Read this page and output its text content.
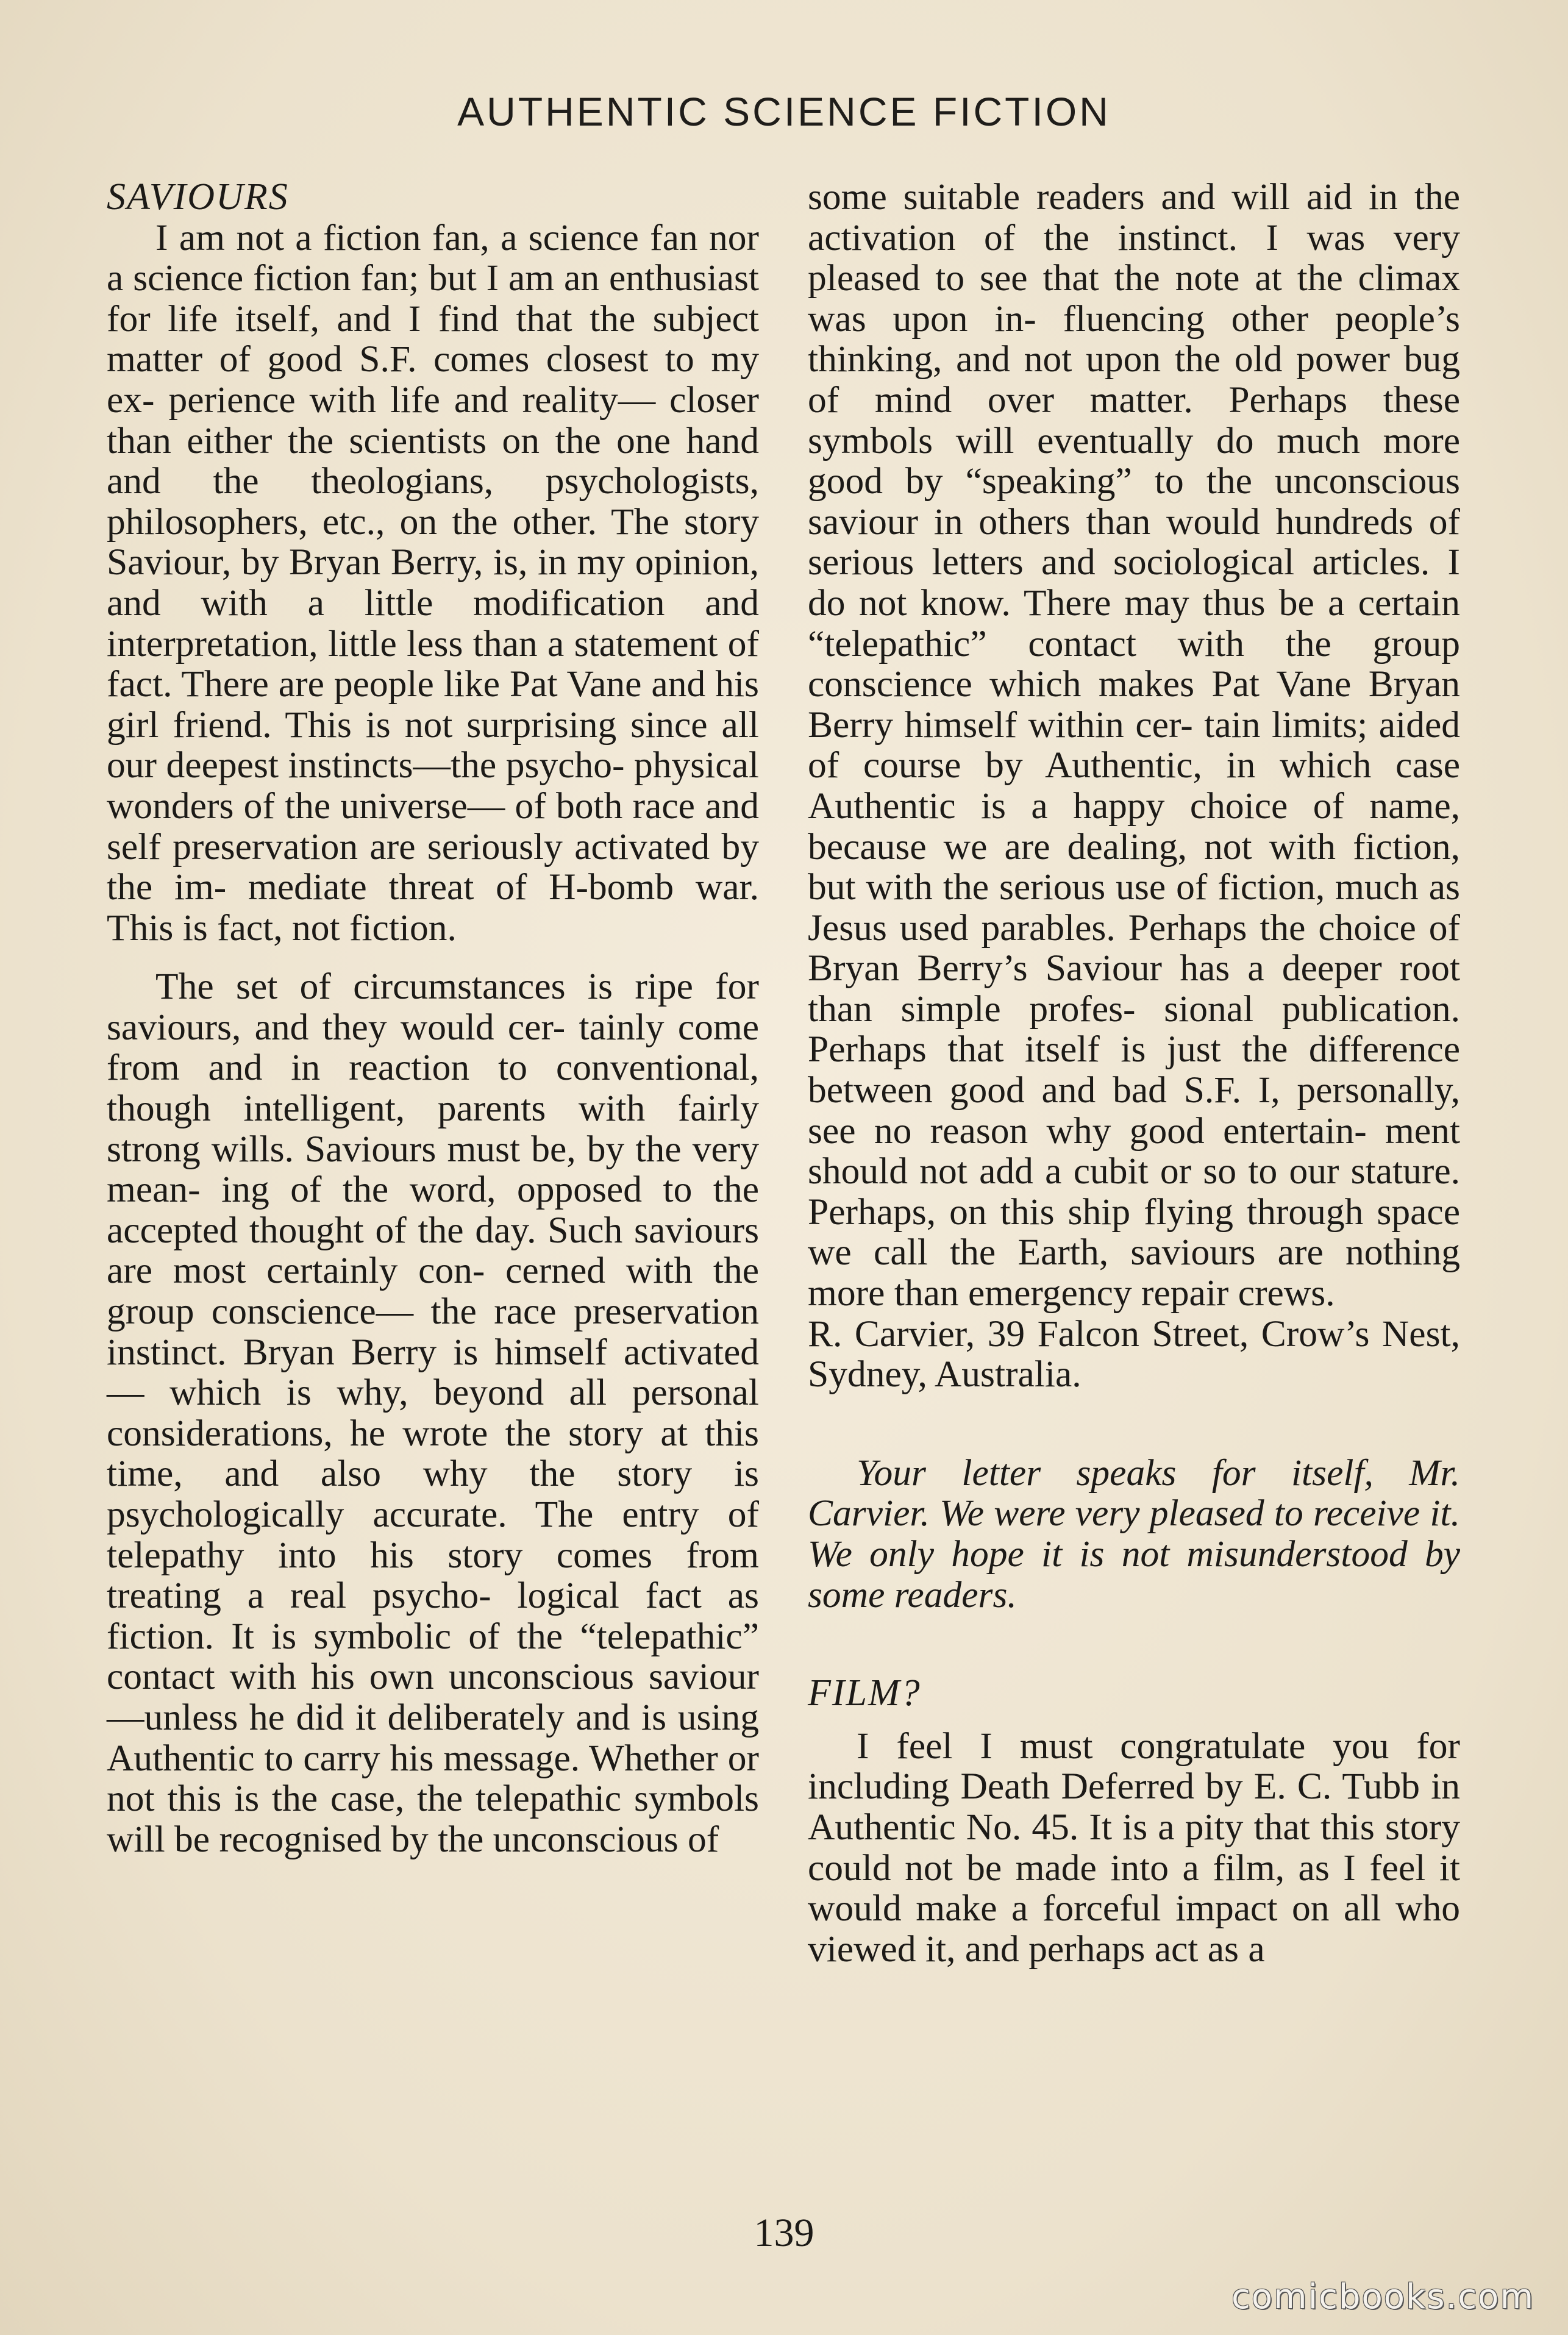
AUTHENTIC SCIENCE FICTION
SAVIOURS
I am not a fiction fan, a science fan nor a science fiction fan; but I am an enthusiast for life itself, and I find that the subject matter of good S.F. comes closest to my ex- perience with life and reality— closer than either the scientists on the one hand and the theologians, psychologists, philosophers, etc., on the other. The story Saviour, by Bryan Berry, is, in my opinion, and with a little modification and interpretation, little less than a statement of fact. There are people like Pat Vane and his girl friend. This is not surprising since all our deepest instincts—the psycho- physical wonders of the universe— of both race and self preservation are seriously activated by the im- mediate threat of H-bomb war. This is fact, not fiction.
The set of circumstances is ripe for saviours, and they would cer- tainly come from and in reaction to conventional, though intelligent, parents with fairly strong wills. Saviours must be, by the very mean- ing of the word, opposed to the accepted thought of the day. Such saviours are most certainly con- cerned with the group conscience— the race preservation instinct. Bryan Berry is himself activated— which is why, beyond all personal considerations, he wrote the story at this time, and also why the story is psychologically accurate. The entry of telepathy into his story comes from treating a real psycho- logical fact as fiction. It is symbolic of the “telepathic” contact with his own unconscious saviour—unless he did it deliberately and is using Authentic to carry his message. Whether or not this is the case, the telepathic symbols will be recognised by the unconscious of
some suitable readers and will aid in the activation of the instinct. I was very pleased to see that the note at the climax was upon in- fluencing other people’s thinking, and not upon the old power bug of mind over matter. Perhaps these symbols will eventually do much more good by “speaking” to the unconscious saviour in others than would hundreds of serious letters and sociological articles. I do not know. There may thus be a certain “telepathic” contact with the group conscience which makes Pat Vane Bryan Berry himself within cer- tain limits; aided of course by Authentic, in which case Authentic is a happy choice of name, because we are dealing, not with fiction, but with the serious use of fiction, much as Jesus used parables. Perhaps the choice of Bryan Berry’s Saviour has a deeper root than simple profes- sional publication. Perhaps that itself is just the difference between good and bad S.F. I, personally, see no reason why good entertain- ment should not add a cubit or so to our stature. Perhaps, on this ship flying through space we call the Earth, saviours are nothing more than emergency repair crews.
R. Carvier, 39 Falcon Street, Crow’s Nest, Sydney, Australia.
Your letter speaks for itself, Mr. Carvier. We were very pleased to receive it. We only hope it is not misunderstood by some readers.
FILM?
I feel I must congratulate you for including Death Deferred by E. C. Tubb in Authentic No. 45. It is a pity that this story could not be made into a film, as I feel it would make a forceful impact on all who viewed it, and perhaps act as a
139
comicbooks.com
